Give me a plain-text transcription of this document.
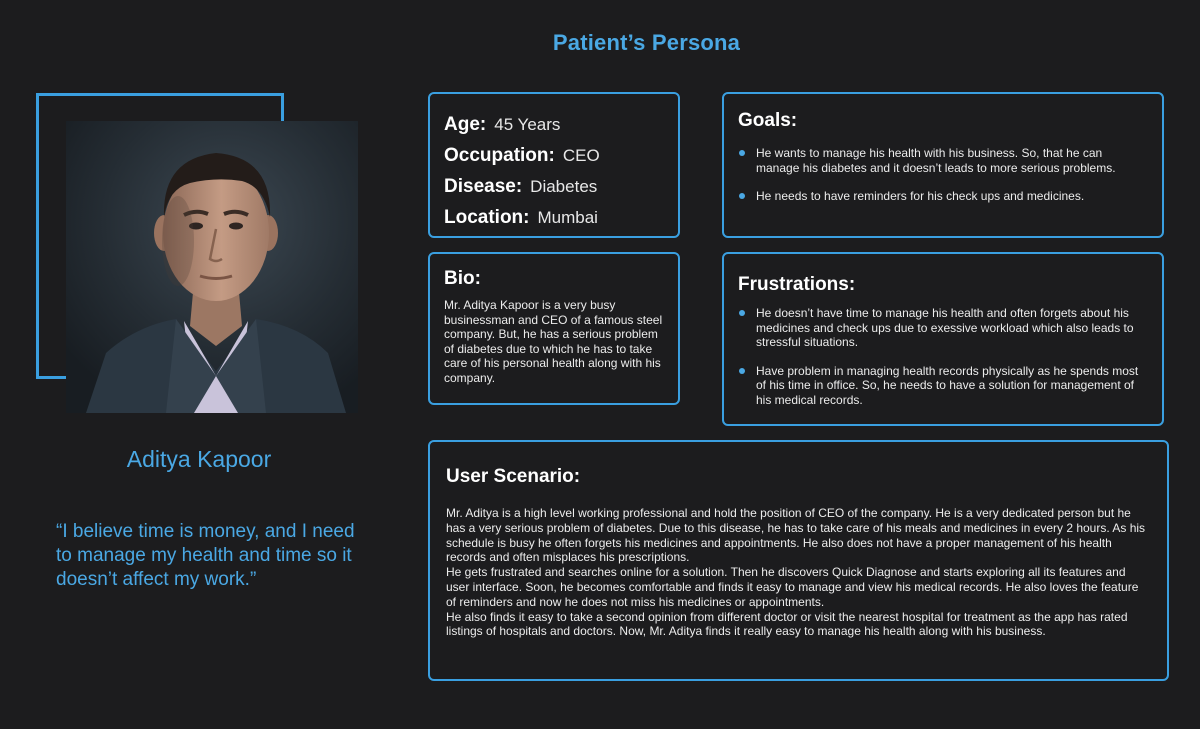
Patient’s Persona
Aditya Kapoor
“I believe time is money, and I need to manage my health and time so it doesn’t affect my work.”
Age: 45 Years
Occupation: CEO
Disease: Diabetes
Location: Mumbai
Bio:
Mr. Aditya Kapoor is a very busy businessman and CEO of a famous steel company. But, he has a serious problem of diabetes due to which he has to take care of his personal health along with his company.
Goals:
He wants to manage his health with his business. So, that he can manage his diabetes and it doesn’t leads to more serious problems.
He needs to have reminders for his check ups and medicines.
Frustrations:
He doesn’t have time to manage his health and often forgets about his medicines and check ups due to exessive workload which also leads to stressful situations.
Have problem in managing health records physically as he spends most of his time in office. So, he needs to have a solution for management of his medical records.
User Scenario:

Mr. Aditya is a high level working professional and hold the position of CEO of the company. He is a very dedicated person but he has a very serious problem of diabetes. Due to this disease, he has to take care of his meals and medicines in every 2 hours. As his schedule is busy he often forgets his medicines and appointments. He also does not have a proper management of his health records and often misplaces his prescriptions.

He gets frustrated and searches online for a solution. Then he discovers Quick Diagnose and starts exploring all its features and user interface. Soon, he becomes comfortable and finds it easy to manage and view his medical records. He also loves the feature of reminders and now he does not miss his medicines or appointments.

He also finds it easy to take a second opinion from different doctor or visit the nearest hospital for treatment as the app has rated listings of hospitals and doctors. Now, Mr. Aditya finds it really easy to manage his health along with his business.
